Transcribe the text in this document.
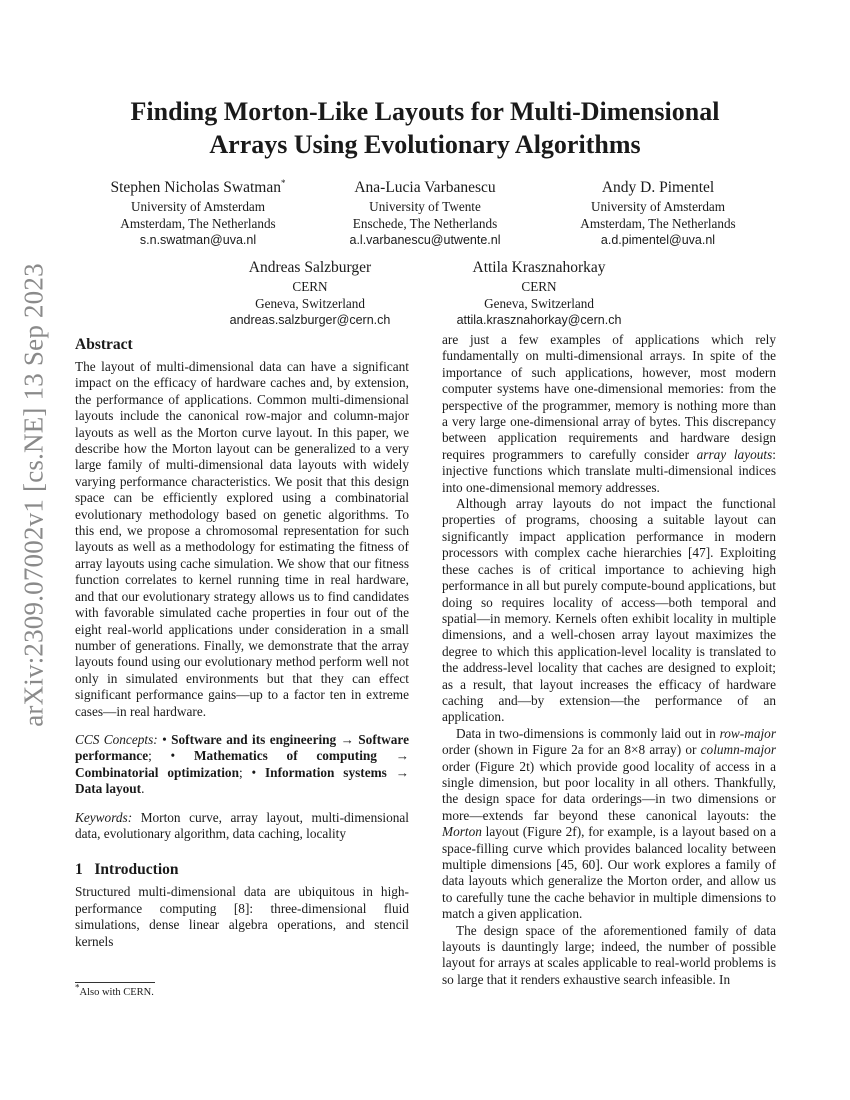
arXiv:2309.07002v1 [cs.NE] 13 Sep 2023
Finding Morton-Like Layouts for Multi-Dimensional
Arrays Using Evolutionary Algorithms
Stephen Nicholas Swatman*
University of Amsterdam
Amsterdam, The Netherlands
s.n.swatman@uva.nl
Ana-Lucia Varbanescu
University of Twente
Enschede, The Netherlands
a.l.varbanescu@utwente.nl
Andy D. Pimentel
University of Amsterdam
Amsterdam, The Netherlands
a.d.pimentel@uva.nl
Andreas Salzburger
CERN
Geneva, Switzerland
andreas.salzburger@cern.ch
Attila Krasznahorkay
CERN
Geneva, Switzerland
attila.krasznahorkay@cern.ch
Abstract

The layout of multi-dimensional data can have a significant impact on the efficacy of hardware caches and, by extension, the performance of applications. Common multi-dimensional layouts include the canonical row-major and column-major layouts as well as the Morton curve layout. In this paper, we describe how the Morton layout can be generalized to a very large family of multi-dimensional data layouts with widely varying performance characteristics. We posit that this design space can be efficiently explored using a combinatorial evolutionary methodology based on genetic algorithms. To this end, we propose a chromosomal representation for such layouts as well as a methodology for estimating the fitness of array layouts using cache simulation. We show that our fitness function correlates to kernel running time in real hardware, and that our evolutionary strategy allows us to find candidates with favorable simulated cache properties in four out of the eight real-world applications under consideration in a small number of generations. Finally, we demonstrate that the array layouts found using our evolutionary method perform well not only in simulated environments but that they can effect significant performance gains—up to a factor ten in extreme cases—in real hardware.

CCS Concepts: • Software and its engineering → Software performance; • Mathematics of computing → Combinatorial optimization; • Information systems → Data layout.

Keywords: Morton curve, array layout, multi-dimensional data, evolutionary algorithm, data caching, locality

1   Introduction

Structured multi-dimensional data are ubiquitous in high-performance computing [8]: three-dimensional fluid simulations, dense linear algebra operations, and stencil kernels

*Also with CERN.

are just a few examples of applications which rely fundamentally on multi-dimensional arrays. In spite of the importance of such applications, however, most modern computer systems have one-dimensional memories: from the perspective of the programmer, memory is nothing more than a very large one-dimensional array of bytes. This discrepancy between application requirements and hardware design requires programmers to carefully consider array layouts: injective functions which translate multi-dimensional indices into one-dimensional memory addresses.

Although array layouts do not impact the functional properties of programs, choosing a suitable layout can significantly impact application performance in modern processors with complex cache hierarchies [47]. Exploiting these caches is of critical importance to achieving high performance in all but purely compute-bound applications, but doing so requires locality of access—both temporal and spatial—in memory. Kernels often exhibit locality in multiple dimensions, and a well-chosen array layout maximizes the degree to which this application-level locality is translated to the address-level locality that caches are designed to exploit; as a result, that layout increases the efficacy of hardware caching and—by extension—the performance of an application.

Data in two-dimensions is commonly laid out in row-major order (shown in Figure 2a for an 8×8 array) or column-major order (Figure 2t) which provide good locality of access in a single dimension, but poor locality in all others. Thankfully, the design space for data orderings—in two dimensions or more—extends far beyond these canonical layouts: the Morton layout (Figure 2f), for example, is a layout based on a space-filling curve which provides balanced locality between multiple dimensions [45, 60]. Our work explores a family of data layouts which generalize the Morton order, and allow us to carefully tune the cache behavior in multiple dimensions to match a given application.

The design space of the aforementioned family of data layouts is dauntingly large; indeed, the number of possible layout for arrays at scales applicable to real-world problems is so large that it renders exhaustive search infeasible. In
